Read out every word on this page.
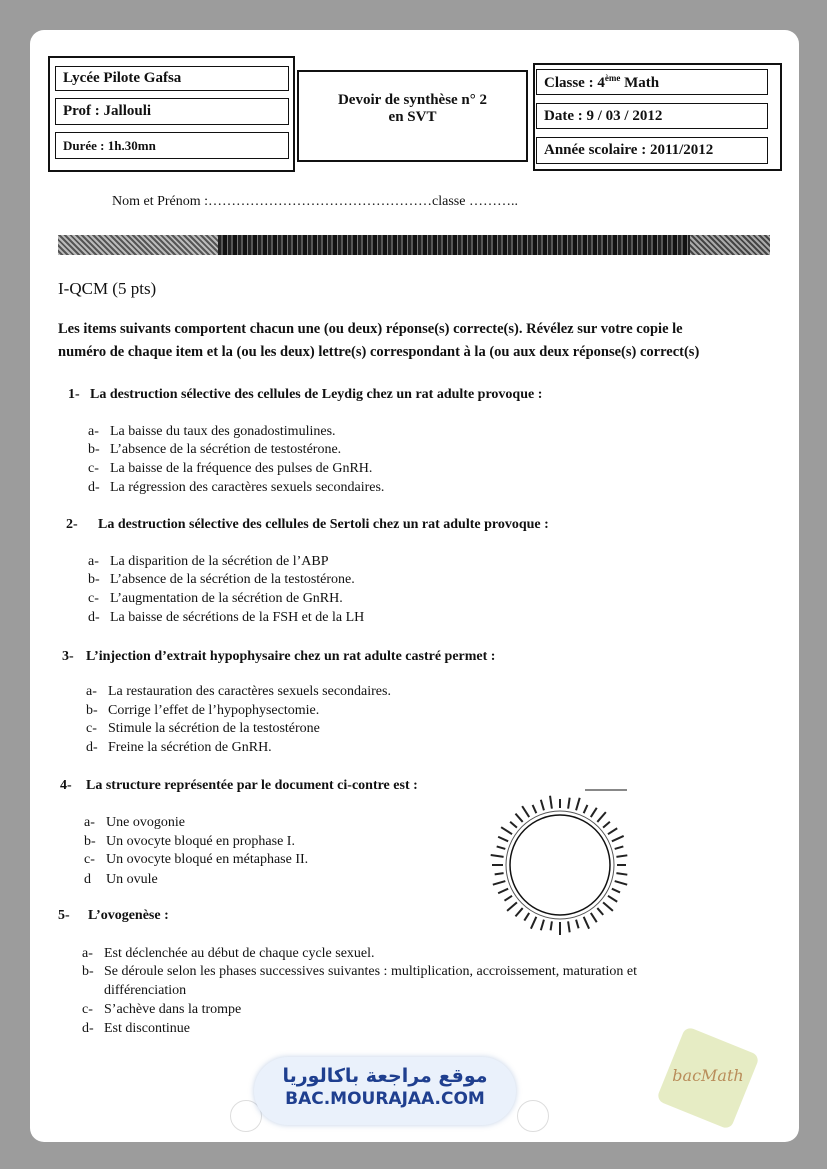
Lycée Pilote Gafsa
Prof : Jallouli
Durée : 1h.30mn
Devoir de synthèse n° 2
en SVT
Classe : 4ème Math
Date : 9 / 03 / 2012
Année scolaire : 2011/2012
Nom et Prénom :…………………………………………classe ………..
I-QCM (5 pts)
Les items suivants comportent chacun une (ou deux) réponse(s) correcte(s). Révélez sur votre copie le
numéro de chaque item et la (ou les deux) lettre(s) correspondant à la (ou aux deux réponse(s) correct(s)
1- La destruction sélective des cellules de Leydig chez un rat adulte provoque :
a- La baisse du taux des gonadostimulines.
b- L’absence de la sécrétion de testostérone.
c- La baisse de la fréquence des pulses de GnRH.
d- La régression des caractères sexuels secondaires.
2- La destruction sélective des cellules de Sertoli chez un rat adulte provoque :
a- La disparition de la sécrétion de l’ABP
b- L’absence de la sécrétion de la testostérone.
c- L’augmentation de la sécrétion de GnRH.
d- La baisse de sécrétions de la FSH et de la LH
3- L’injection d’extrait hypophysaire chez un rat adulte castré permet :
a- La restauration des caractères sexuels secondaires.
b- Corrige l’effet de l’hypophysectomie.
c- Stimule la sécrétion de la testostérone
d- Freine la sécrétion de GnRH.
4- La structure représentée par le document ci-contre est :
a- Une ovogonie
b- Un ovocyte bloqué en prophase I.
c- Un ovocyte bloqué en métaphase II.
d Un ovule
5- L’ovogenèse :
a- Est déclenchée au début de chaque cycle sexuel.
b- Se déroule selon les phases successives suivantes : multiplication, accroissement, maturation et
différenciation
c- S’achève dans la trompe
d- Est discontinue
موقع مراجعة باكالوريا
BAC.MOURAJAA.COM
bacMath
